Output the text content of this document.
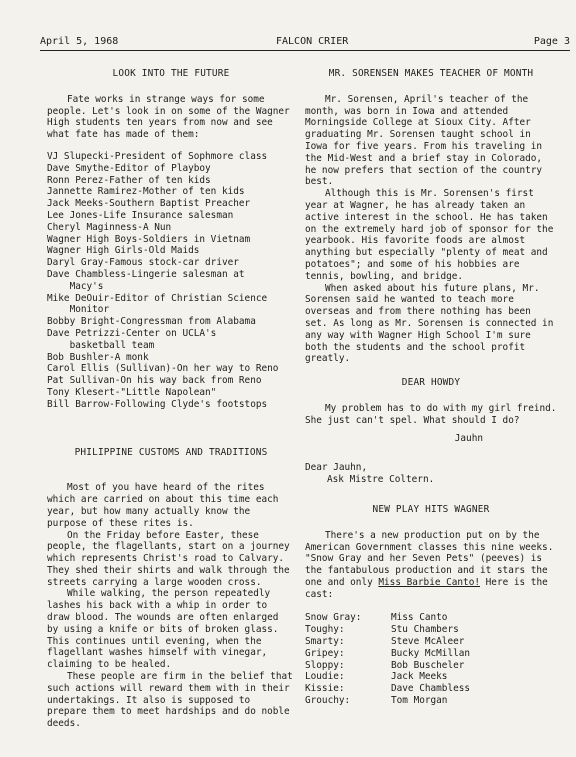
April 5, 1968	FALCON CRIER	Page 3
LOOK INTO THE FUTURE

Fate works in strange ways for some people. Let's look in on some of the Wagner High students ten years from now and see what fate has made of them:

VJ Slupecki-President of Sophmore class
Dave Smythe-Editor of Playboy
Ronn Perez-Father of ten kids
Jannette Ramirez-Mother of ten kids
Jack Meeks-Southern Baptist Preacher
Lee Jones-Life Insurance salesman
Cheryl Maginness-A Nun
Wagner High Boys-Soldiers in Vietnam
Wagner High Girls-Old Maids
Daryl Gray-Famous stock-car driver
Dave Chambless-Lingerie salesman at
Macy's
Mike DeOuir-Editor of Christian Science
Monitor
Bobby Bright-Congressman from Alabama
Dave Petrizzi-Center on UCLA's
basketball team
Bob Bushler-A monk
Carol Ellis (Sullivan)-On her way to Reno
Pat Sullivan-On his way back from Reno
Tony Klesert-"Little Napolean"
Bill Barrow-Following Clyde's footstops
PHILIPPINE CUSTOMS AND TRADITIONS

Most of you have heard of the rites which are carried on about this time each year, but how many actually know the purpose of these rites is.

On the Friday before Easter, these people, the flagellants, start on a journey which represents Christ's road to Calvary. They shed their shirts and walk through the streets carrying a large wooden cross.

While walking, the person repeatedly lashes his back with a whip in order to draw blood. The wounds are often enlarged by using a knife or bits of broken glass. This continues until evening, when the flagellant washes himself with vinegar, claiming to be healed.

These people are firm in the belief that such actions will reward them with in their undertakings. It also is supposed to prepare them to meet hardships and do noble deeds.

MR. SORENSEN MAKES TEACHER OF MONTH

Mr. Sorensen, April's teacher of the month, was born in Iowa and attended Morningside College at Sioux City. After graduating Mr. Sorensen taught school in Iowa for five years. From his traveling in the Mid-West and a brief stay in Colorado, he now prefers that section of the country best.

Although this is Mr. Sorensen's first year at Wagner, he has already taken an active interest in the school. He has taken on the extremely hard job of sponsor for the yearbook. His favorite foods are almost anything but especially "plenty of meat and potatoes"; and some of his hobbies are tennis, bowling, and bridge.

When asked about his future plans, Mr. Sorensen said he wanted to teach more overseas and from there nothing has been set. As long as Mr. Sorensen is connected in any way with Wagner High School I'm sure both the students and the school profit greatly.

DEAR HOWDY

My problem has to do with my girl freind. She just can't spel. What should I do?

Jauhn

Dear Jauhn,

Ask Mistre Coltern.

NEW PLAY HITS WAGNER

There's a new production put on by the American Government classes this nine weeks. "Snow Gray and her Seven Pets" (peeves) is the fantabulous production and it stars the one and only Miss Barbie Canto! Here is the cast:

Snow Gray:	Miss Canto
Toughy:	Stu Chambers
Smarty:	Steve McAleer
Gripey:	Bucky McMillan
Sloppy:	Bob Buscheler
Loudie:	Jack Meeks
Kissie:	Dave Chambless
Grouchy:	Tom Morgan
